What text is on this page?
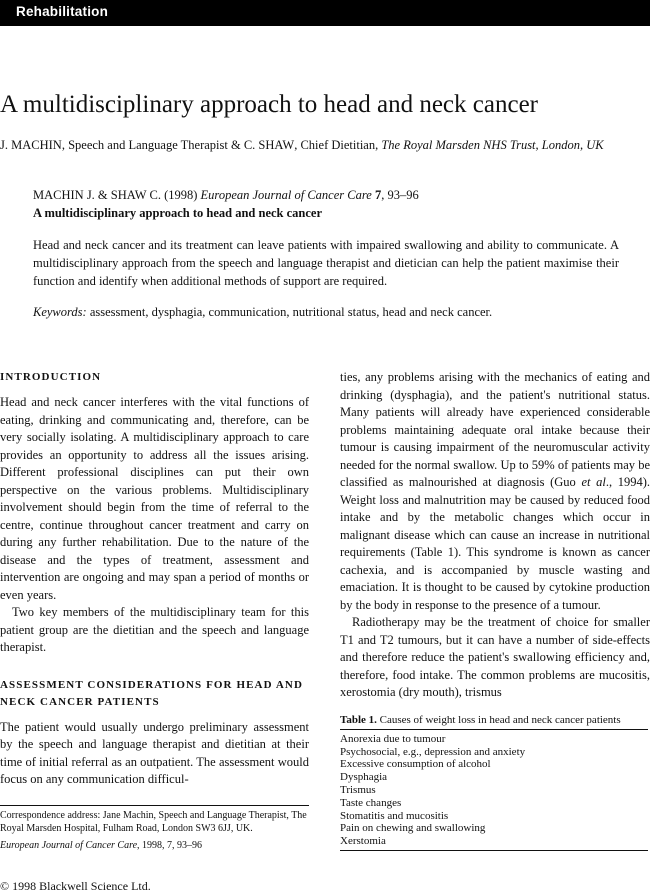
Rehabilitation
A multidisciplinary approach to head and neck cancer

J. MACHIN, Speech and Language Therapist & C. SHAW, Chief Dietitian, The Royal Marsden NHS Trust, London, UK

MACHIN J. & SHAW C. (1998) European Journal of Cancer Care 7, 93–96
A multidisciplinary approach to head and neck cancer

Head and neck cancer and its treatment can leave patients with impaired swallowing and ability to communicate. A multidisciplinary approach from the speech and language therapist and dietician can help the patient maximise their function and identify when additional methods of support are required.

Keywords: assessment, dysphagia, communication, nutritional status, head and neck cancer.

INTRODUCTION

Head and neck cancer interferes with the vital functions of eating, drinking and communicating and, therefore, can be very socially isolating. A multidisciplinary approach to care provides an opportunity to address all the issues arising. Different professional disciplines can put their own perspective on the various problems. Multidisciplinary involvement should begin from the time of referral to the centre, continue throughout cancer treatment and carry on during any further rehabilitation. Due to the nature of the disease and the types of treatment, assessment and intervention are ongoing and may span a period of months or even years.

Two key members of the multidisciplinary team for this patient group are the dietitian and the speech and language therapist.

ASSESSMENT CONSIDERATIONS FOR HEAD AND NECK CANCER PATIENTS

The patient would usually undergo preliminary assessment by the speech and language therapist and dietitian at their time of initial referral as an outpatient. The assessment would focus on any communication difficul-

ties, any problems arising with the mechanics of eating and drinking (dysphagia), and the patient's nutritional status. Many patients will already have experienced considerable problems maintaining adequate oral intake because their tumour is causing impairment of the neuromuscular activity needed for the normal swallow. Up to 59% of patients may be classified as malnourished at diagnosis (Guo et al., 1994). Weight loss and malnutrition may be caused by reduced food intake and by the metabolic changes which occur in malignant disease which can cause an increase in nutritional requirements (Table 1). This syndrome is known as cancer cachexia, and is accompanied by muscle wasting and emaciation. It is thought to be caused by cytokine production by the body in response to the presence of a tumour.

Radiotherapy may be the treatment of choice for smaller T1 and T2 tumours, but it can have a number of side-effects and therefore reduce the patient's swallowing efficiency and, therefore, food intake. The common problems are mucositis, xerostomia (dry mouth), trismus

Table 1. Causes of weight loss in head and neck cancer patients
Anorexia due to tumour
Psychosocial, e.g., depression and anxiety
Excessive consumption of alcohol
Dysphagia
Trismus
Taste changes
Stomatitis and mucositis
Pain on chewing and swallowing
Xerstomia

Correspondence address: Jane Machin, Speech and Language Therapist, The Royal Marsden Hospital, Fulham Road, London SW3 6JJ, UK.

European Journal of Cancer Care, 1998, 7, 93–96

© 1998 Blackwell Science Ltd.
